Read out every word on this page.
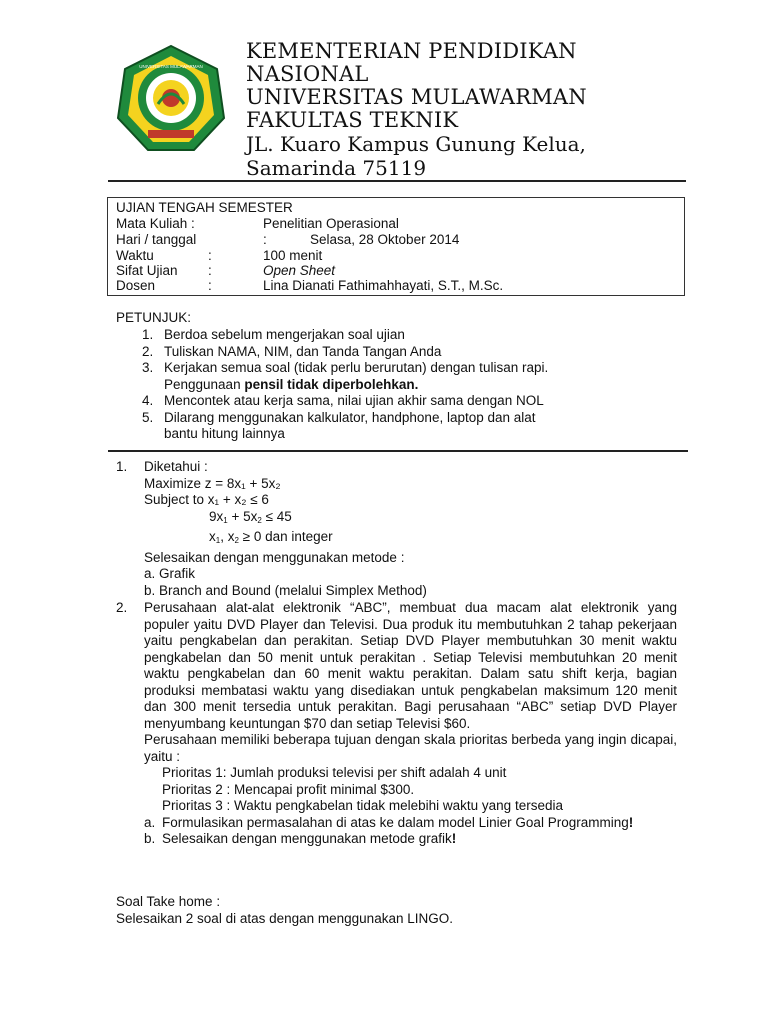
UNIVERSITAS MULAWARMAN
KEMENTERIAN PENDIDIKAN
NASIONAL
UNIVERSITAS MULAWARMAN
FAKULTAS TEKNIK
JL. Kuaro Kampus Gunung Kelua,
Samarinda 75119
UJIAN TENGAH SEMESTER
Mata Kuliah :	Penelitian Operasional
Hari / tanggal	:	Selasa, 28 Oktober 2014
Waktu	:	100 menit
Sifat Ujian :	Open Sheet
Dosen	:	Lina Dianati Fathimahhayati, S.T., M.Sc.
PETUNJUK:
1. Berdoa sebelum mengerjakan soal ujian
2. Tuliskan NAMA, NIM, dan Tanda Tangan Anda
3. Kerjakan semua soal (tidak perlu berurutan) dengan tulisan rapi.
Penggunaan pensil tidak diperbolehkan.
4. Mencontek atau kerja sama, nilai ujian akhir sama dengan NOL
5. Dilarang menggunakan kalkulator, handphone, laptop dan alat
bantu hitung lainnya
1. Diketahui :
Maximize z = 8x₁ + 5x₂
Subject to x₁ + x₂ ≤ 6
$9x_1 + 5x_2 \le 45$
$x_1$, $x_2 \ge 0$ dan integer
Selesaikan dengan menggunakan metode :
a. Grafik
b. Branch and Bound (melalui Simplex Method)
2. Perusahaan alat-alat elektronik “ABC”, membuat dua macam alat elektronik yang populer yaitu DVD Player dan Televisi. Dua produk itu membutuhkan 2 tahap pekerjaan yaitu pengkabelan dan perakitan. Setiap DVD Player membutuhkan 30 menit waktu pengkabelan dan 50 menit untuk perakitan . Setiap Televisi membutuhkan 20 menit waktu pengkabelan dan 60 menit waktu perakitan. Dalam satu shift kerja, bagian produksi membatasi waktu yang disediakan untuk pengkabelan maksimum 120 menit dan 300 menit tersedia untuk perakitan. Bagi perusahaan “ABC” setiap DVD Player menyumbang keuntungan $70 dan setiap Televisi $60.
Perusahaan memiliki beberapa tujuan dengan skala prioritas berbeda yang ingin dicapai, yaitu :
Prioritas 1: Jumlah produksi televisi per shift adalah 4 unit
Prioritas 2 : Mencapai profit minimal $300.
Prioritas 3 : Waktu pengkabelan tidak melebihi waktu yang tersedia
a. Formulasikan permasalahan di atas ke dalam model Linier Goal Programming!
b. Selesaikan dengan menggunakan metode grafik!
Soal Take home :
Selesaikan 2 soal di atas dengan menggunakan LINGO.
